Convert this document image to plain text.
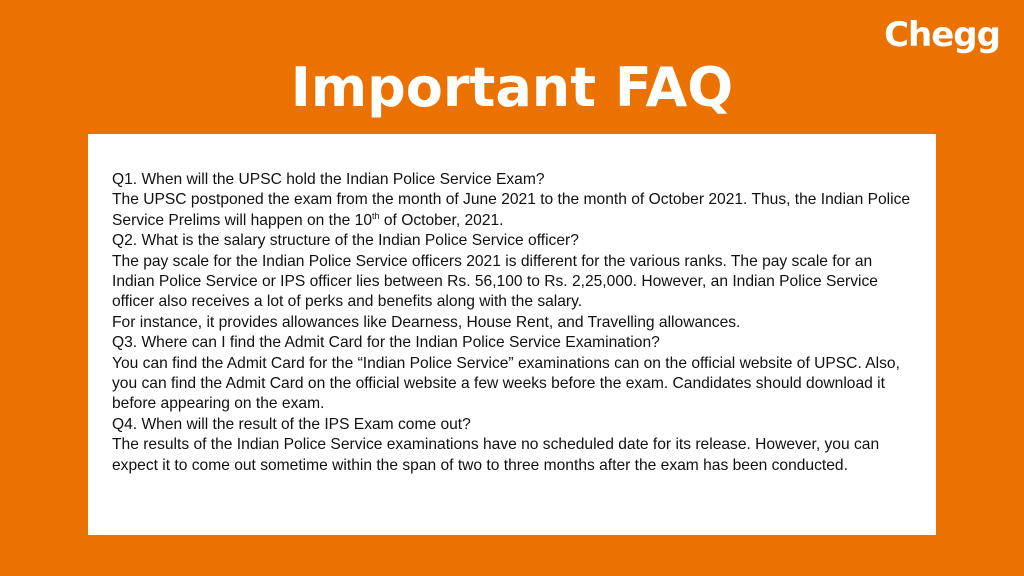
Chegg
Important FAQ

Q1. When will the UPSC hold the Indian Police Service Exam?

The UPSC postponed the exam from the month of June 2021 to the month of October 2021. Thus, the Indian Police Service Prelims will happen on the 10th of October, 2021.

Q2. What is the salary structure of the Indian Police Service officer?

The pay scale for the Indian Police Service officers 2021 is different for the various ranks. The pay scale for an Indian Police Service or IPS officer lies between Rs. 56,100 to Rs. 2,25,000. However, an Indian Police Service officer also receives a lot of perks and benefits along with the salary.

For instance, it provides allowances like Dearness, House Rent, and Travelling allowances.

Q3. Where can I find the Admit Card for the Indian Police Service Examination?

You can find the Admit Card for the “Indian Police Service” examinations can on the official website of UPSC. Also, you can find the Admit Card on the official website a few weeks before the exam. Candidates should download it before appearing on the exam.

Q4. When will the result of the IPS Exam come out?

The results of the Indian Police Service examinations have no scheduled date for its release. However, you can expect it to come out sometime within the span of two to three months after the exam has been conducted.
